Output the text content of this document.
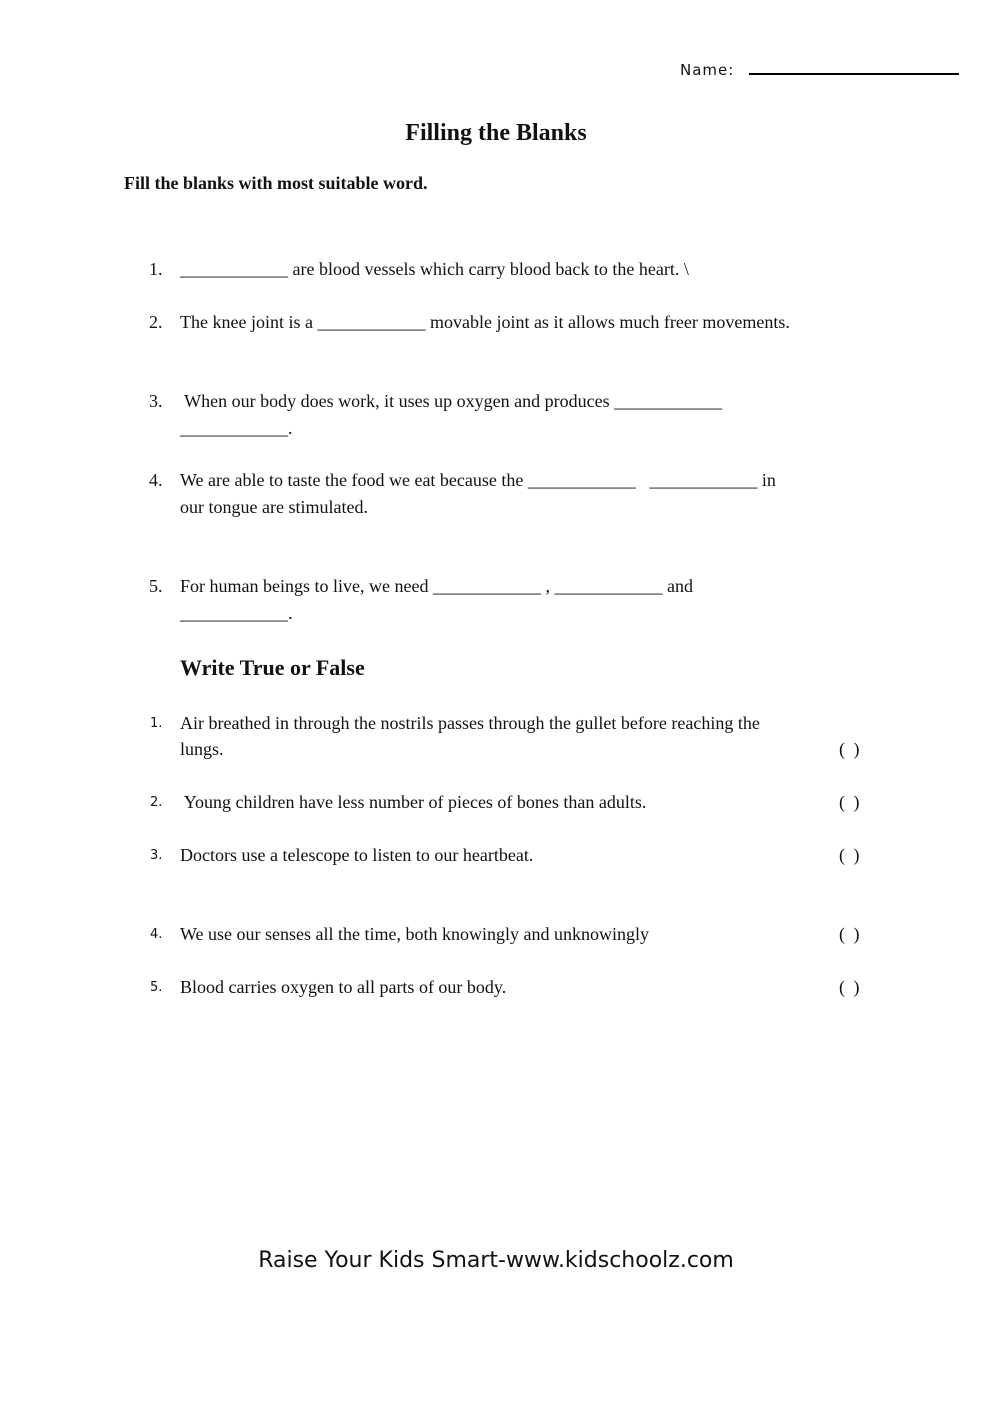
Name:
Filling the Blanks
Fill the blanks with most suitable word.
1. ____________ are blood vessels which carry blood back to the heart. \
2. The knee joint is a ____________ movable joint as it allows much freer movements.
3. When our body does work, it uses up oxygen and produces ____________
____________.
4. We are able to taste the food we eat because the ____________   ____________ in
our tongue are stimulated.
5. For human beings to live, we need ____________ , ____________ and
____________.
Write True or False
1. Air breathed in through the nostrils passes through the gullet before reaching the
lungs.	( )
2. Young children have less number of pieces of bones than adults.	( )
3. Doctors use a telescope to listen to our heartbeat.	( )
4. We use our senses all the time, both knowingly and unknowingly	( )
5. Blood carries oxygen to all parts of our body.	( )
Raise Your Kids Smart-www.kidschoolz.com
